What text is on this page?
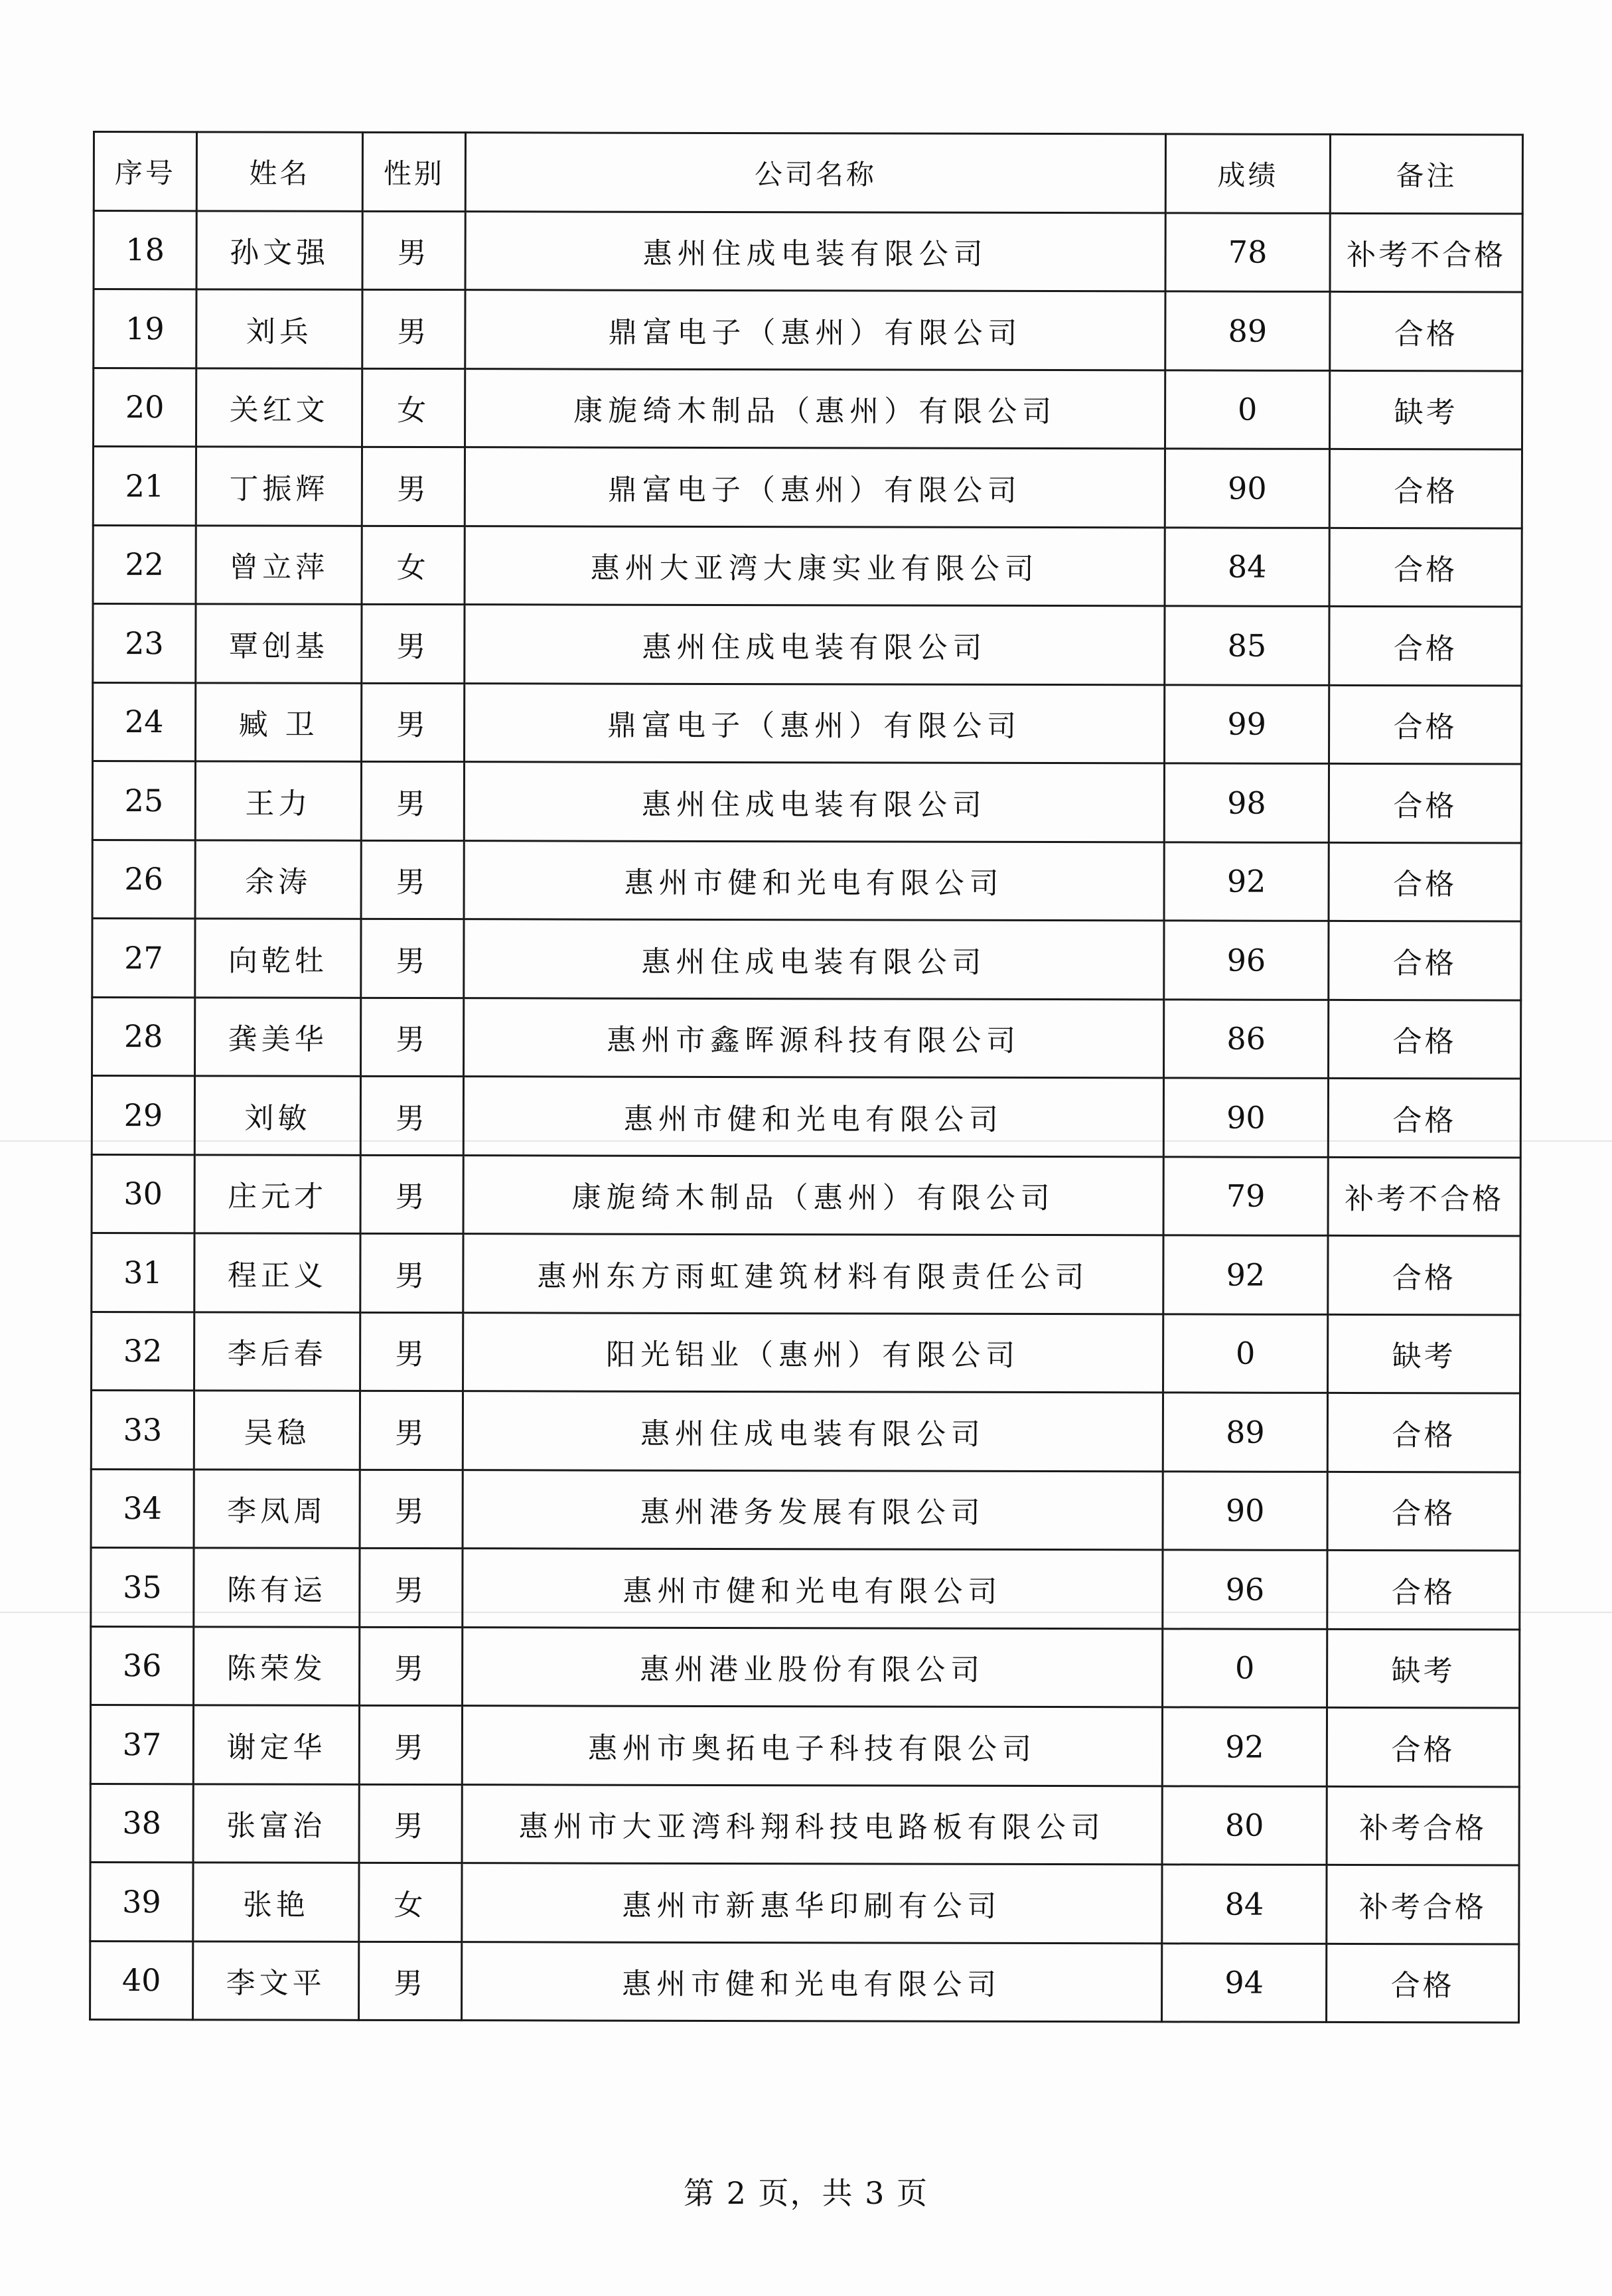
序号	姓名	性别	公司名称	成绩	备注
18	孙文强	男	惠州住成电装有限公司	78	补考不合格
19	刘兵	男	鼎富电子（惠州）有限公司	89	合格
20	关红文	女	康旎绮木制品（惠州）有限公司	0	缺考
21	丁振辉	男	鼎富电子（惠州）有限公司	90	合格
22	曾立萍	女	惠州大亚湾大康实业有限公司	84	合格
23	覃创基	男	惠州住成电装有限公司	85	合格
24	臧 卫	男	鼎富电子（惠州）有限公司	99	合格
25	王力	男	惠州住成电装有限公司	98	合格
26	余涛	男	惠州市健和光电有限公司	92	合格
27	向乾牡	男	惠州住成电装有限公司	96	合格
28	龚美华	男	惠州市鑫晖源科技有限公司	86	合格
29	刘敏	男	惠州市健和光电有限公司	90	合格
30	庄元才	男	康旎绮木制品（惠州）有限公司	79	补考不合格
31	程正义	男	惠州东方雨虹建筑材料有限责任公司	92	合格
32	李后春	男	阳光铝业（惠州）有限公司	0	缺考
33	吴稳	男	惠州住成电装有限公司	89	合格
34	李凤周	男	惠州港务发展有限公司	90	合格
35	陈有运	男	惠州市健和光电有限公司	96	合格
36	陈荣发	男	惠州港业股份有限公司	0	缺考
37	谢定华	男	惠州市奥拓电子科技有限公司	92	合格
38	张富治	男	惠州市大亚湾科翔科技电路板有限公司	80	补考合格
39	张艳	女	惠州市新惠华印刷有公司	84	补考合格
40	李文平	男	惠州市健和光电有限公司	94	合格
第 2 页，共 3 页
